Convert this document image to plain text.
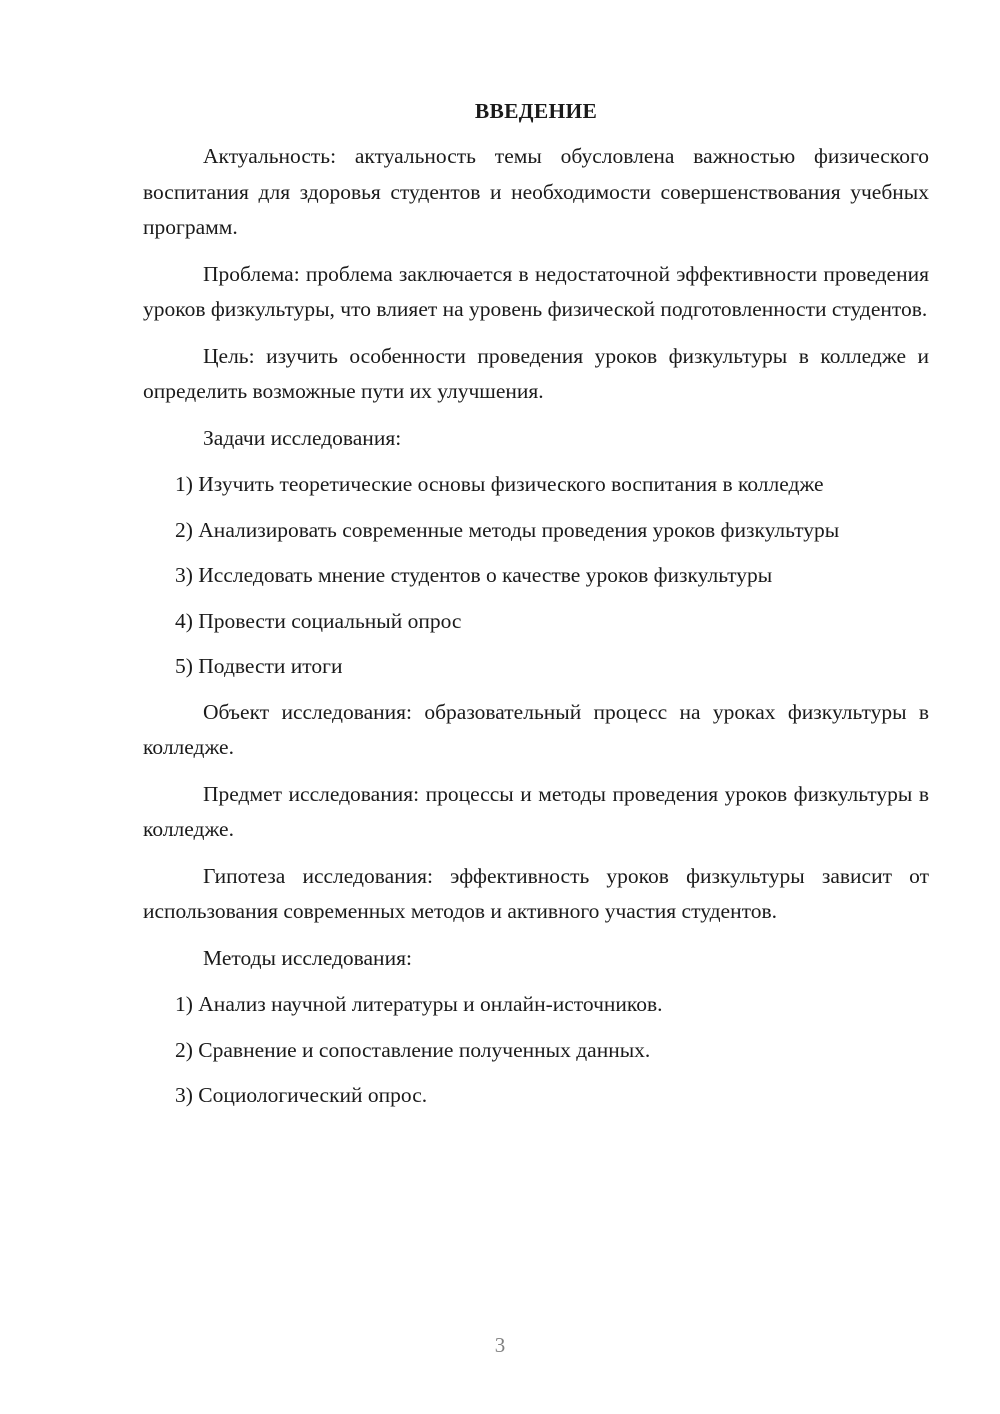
ВВЕДЕНИЕ

Актуальность: актуальность темы обусловлена важностью физического воспитания для здоровья студентов и необходимости совершенствования учебных программ.

Проблема: проблема заключается в недостаточной эффективности проведения уроков физкультуры, что влияет на уровень физической подготовленности студентов.

Цель: изучить особенности проведения уроков физкультуры в колледже и определить возможные пути их улучшения.

Задачи исследования:

1) Изучить теоретические основы физического воспитания в колледже

2) Анализировать современные методы проведения уроков физкультуры

3) Исследовать мнение студентов о качестве уроков физкультуры

4) Провести социальный опрос

5) Подвести итоги

Объект исследования: образовательный процесс на уроках физкультуры в колледже.

Предмет исследования: процессы и методы проведения уроков физкультуры в колледже.

Гипотеза исследования: эффективность уроков физкультуры зависит от использования современных методов и активного участия студентов.

Методы исследования:

1) Анализ научной литературы и онлайн-источников.

2) Сравнение и сопоставление полученных данных.

3) Социологический опрос.

3
